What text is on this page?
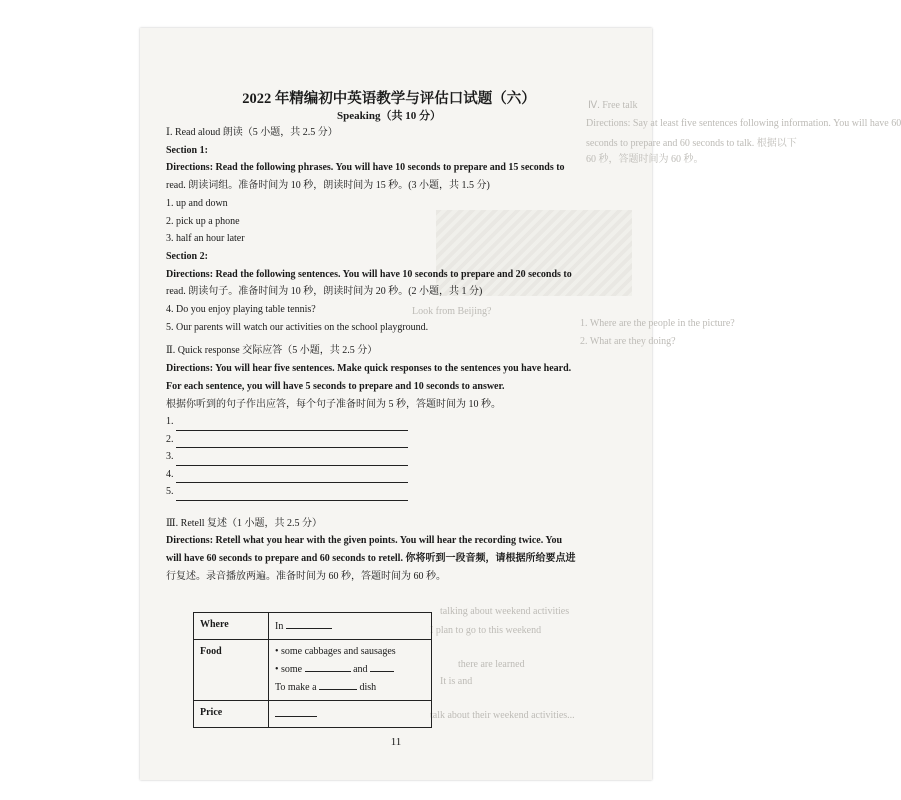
Ⅳ. Free talk
Directions: Say at least five sentences following information. You will have 60
seconds to prepare and 60 seconds to talk. 根据以下
60 秒，答题时间为 60 秒。
Look from Beijing?
1. Where are the people in the picture?
2. What are they doing?
talking about weekend activities
I plan to go to this weekend
there are learned
It is and
talk about their weekend activities...
2022 年精编初中英语教学与评估口试题（六）
Speaking（共 10 分）
Ⅰ. Read aloud 朗读（5 小题，共 2.5 分）
Section 1:
Directions: Read the following phrases. You will have 10 seconds to prepare and 15 seconds to
read. 朗读词组。准备时间为 10 秒，朗读时间为 15 秒。(3 小题，共 1.5 分)
1. up and down
2. pick up a phone
3. half an hour later
Section 2:
Directions: Read the following sentences. You will have 10 seconds to prepare and 20 seconds to
read. 朗读句子。准备时间为 10 秒，朗读时间为 20 秒。(2 小题，共 1 分)
4. Do you enjoy playing table tennis?
5. Our parents will watch our activities on the school playground.
Ⅱ. Quick response 交际应答（5 小题，共 2.5 分）
Directions: You will hear five sentences. Make quick responses to the sentences you have heard.
For each sentence, you will have 5 seconds to prepare and 10 seconds to answer.
根据你听到的句子作出应答，每个句子准备时间为 5 秒，答题时间为 10 秒。
1.
2.
3.
4.
5.
Ⅲ. Retell 复述（1 小题，共 2.5 分）
Directions: Retell what you hear with the given points. You will hear the recording twice. You
will have 60 seconds to prepare and 60 seconds to retell. 你将听到一段音频，请根据所给要点进
行复述。录音播放两遍。准备时间为 60 秒，答题时间为 60 秒。
Where	In
Food	• some cabbages and sausages
• some and
To make a dish

Price	
11
